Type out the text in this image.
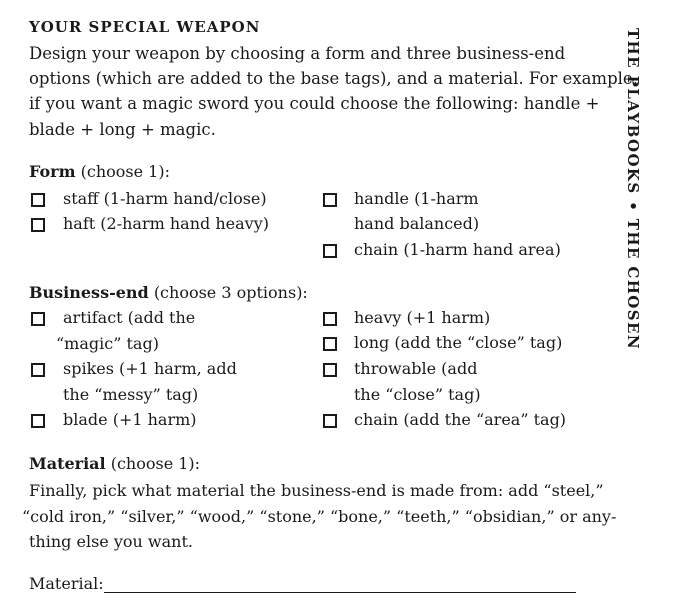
YOUR SPECIAL WEAPON
Design your weapon by choosing a form and three business-end
options (which are added to the base tags), and a material. For example,
if you want a magic sword you could choose the following: handle +
blade + long + magic.
Form (choose 1):
staff (1-harm hand/close)
haft (2-harm hand heavy)
handle (1-harm
hand balanced)
chain (1-harm hand area)
Business-end (choose 3 options):
artifact (add the
“magic” tag)
spikes (+1 harm, add
the “messy” tag)
blade (+1 harm)
heavy (+1 harm)
long (add the “close” tag)
throwable (add
the “close” tag)
chain (add the “area” tag)
Material (choose 1):
Finally, pick what material the business-end is made from: add “steel,”
“cold iron,” “silver,” “wood,” “stone,” “bone,” “teeth,” “obsidian,” or any-
thing else you want.
Material:
THE PLAYBOOKS • THE CHOSEN
